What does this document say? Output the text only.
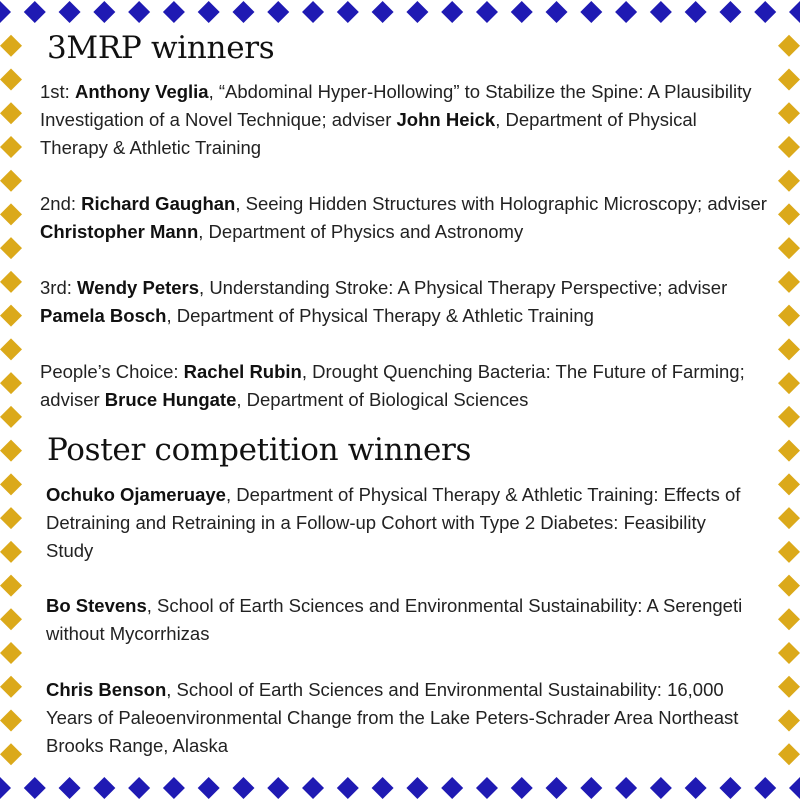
3MRP winners

1st: Anthony Veglia, “Abdominal Hyper-Hollowing” to Stabilize the Spine: A Plausibility Investigation of a Novel Technique; adviser John Heick, Department of Physical Therapy & Athletic Training

2nd: Richard Gaughan, Seeing Hidden Structures with Holographic Microscopy; adviser Christopher Mann, Department of Physics and Astronomy

3rd: Wendy Peters, Understanding Stroke: A Physical Therapy Perspective; adviser Pamela Bosch, Department of Physical Therapy & Athletic Training

People’s Choice: Rachel Rubin, Drought Quenching Bacteria: The Future of Farming; adviser Bruce Hungate, Department of Biological Sciences

Poster competition winners

Ochuko Ojameruaye, Department of Physical Therapy & Athletic Training: Effects of Detraining and Retraining in a Follow-up Cohort with Type 2 Diabetes: Feasibility Study

Bo Stevens, School of Earth Sciences and Environmental Sustainability: A Serengeti without Mycorrhizas

Chris Benson, School of Earth Sciences and Environmental Sustainability: 16,000 Years of Paleoenvironmental Change from the Lake Peters-Schrader Area Northeast Brooks Range, Alaska
